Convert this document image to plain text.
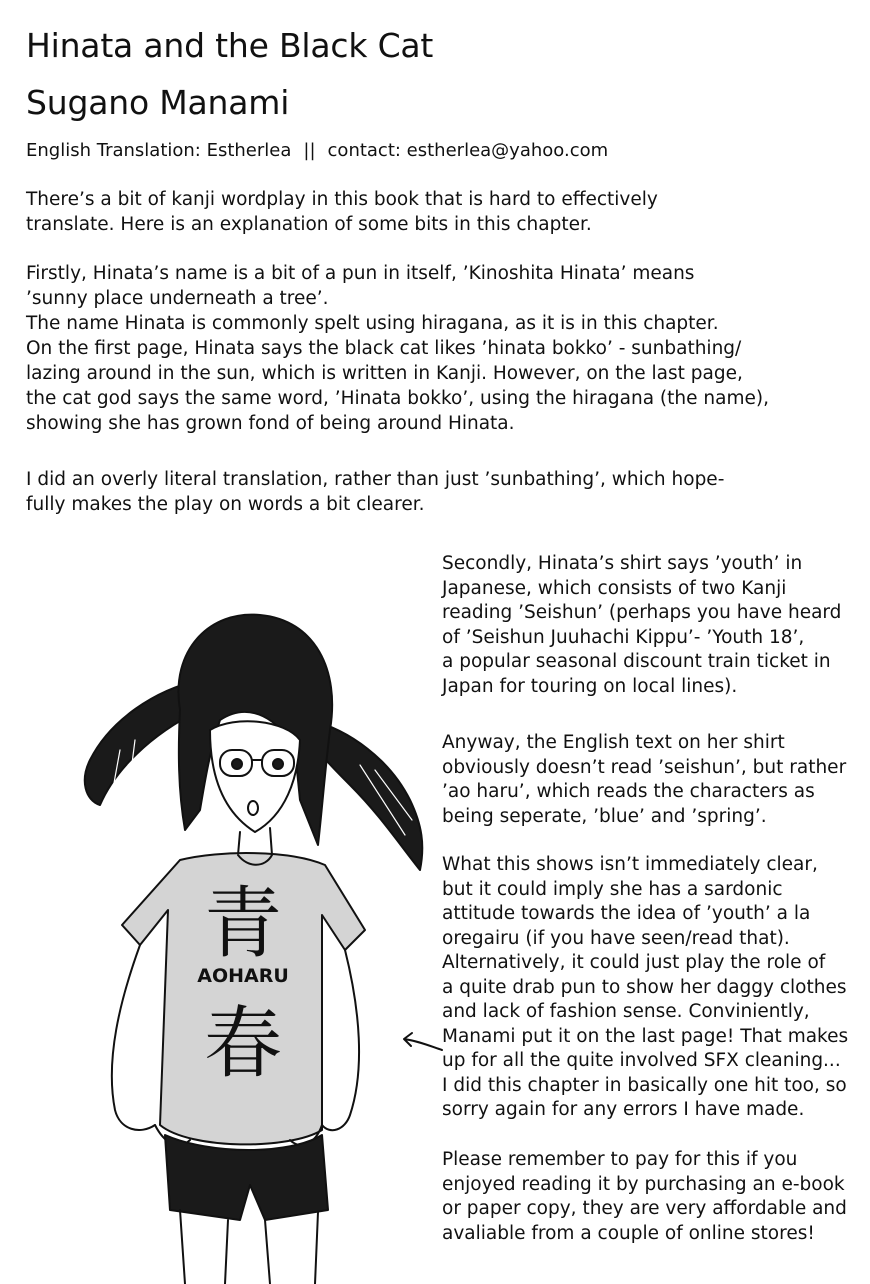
Hinata and the Black Cat
Sugano Manami
English Translation: Estherlea || contact: estherlea@yahoo.com

There’s a bit of kanji wordplay in this book that is hard to effectively
translate. Here is an explanation of some bits in this chapter.

Firstly, Hinata’s name is a bit of a pun in itself, ’Kinoshita Hinata’ means
’sunny place underneath a tree’.
The name Hinata is commonly spelt using hiragana, as it is in this chapter.
On the first page, Hinata says the black cat likes ’hinata bokko’ - sunbathing/
lazing around in the sun, which is written in Kanji. However, on the last page,
the cat god says the same word, ’Hinata bokko’, using the hiragana (the name),
showing she has grown fond of being around Hinata.

I did an overly literal translation, rather than just ’sunbathing’, which hope-
fully makes the play on words a bit clearer.

青
AOHARU
春

Secondly, Hinata’s shirt says ’youth’ in
Japanese, which consists of two Kanji
reading ’Seishun’ (perhaps you have heard
of ’Seishun Juuhachi Kippu’- ’Youth 18’,
a popular seasonal discount train ticket in
Japan for touring on local lines).

Anyway, the English text on her shirt
obviously doesn’t read ’seishun’, but rather
’ao haru’, which reads the characters as
being seperate, ’blue’ and ’spring’.

What this shows isn’t immediately clear,
but it could imply she has a sardonic
attitude towards the idea of ’youth’ a la
oregairu (if you have seen/read that).
Alternatively, it could just play the role of
a quite drab pun to show her daggy clothes
and lack of fashion sense. Conviniently,
Manami put it on the last page! That makes
up for all the quite involved SFX cleaning...
I did this chapter in basically one hit too, so
sorry again for any errors I have made.

Please remember to pay for this if you
enjoyed reading it by purchasing an e-book
or paper copy, they are very affordable and
avaliable from a couple of online stores!
